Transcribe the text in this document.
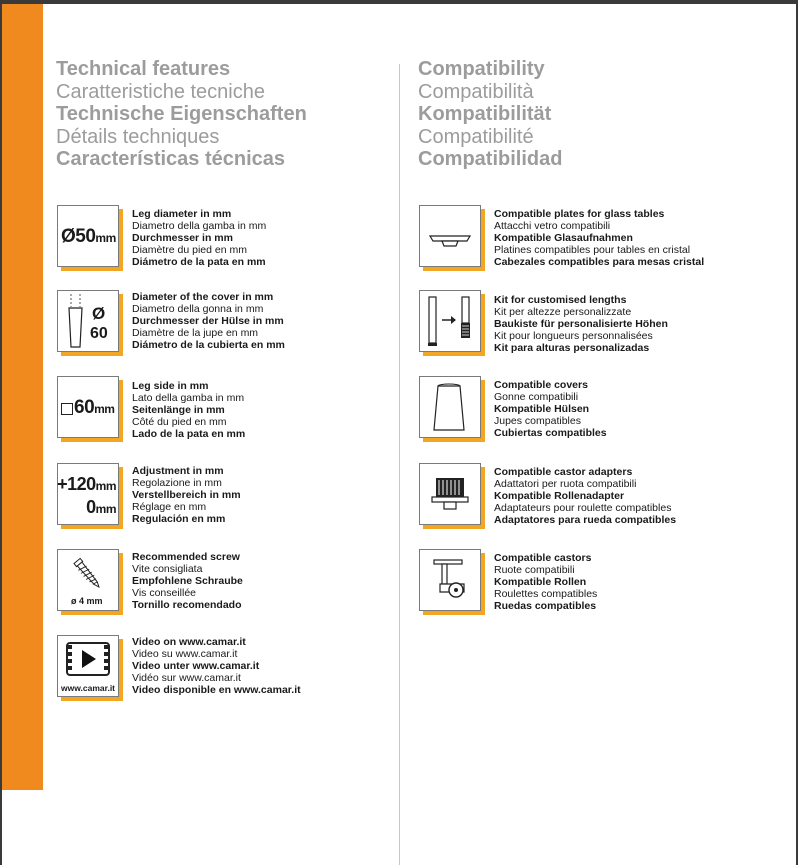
Technical features
Caratteristiche tecniche
Technische Eigenschaften
Détails techniques
Características técnicas
Compatibility
Compatibilità
Kompatibilität
Compatibilité
Compatibilidad
Ø50mm
Leg diameter in mm
Diametro della gamba in mm
Durchmesser in mm
Diamètre du pied en mm
Diámetro de la pata en mm
Ø
60
Diameter of the cover in mm
Diametro della gonna in mm
Durchmesser der Hülse in mm
Diamètre de la jupe en mm
Diámetro de la cubierta en mm
60mm
Leg side in mm
Lato della gamba in mm
Seitenlänge in mm
Côté du pied en mm
Lado de la pata en mm
+120mm
0mm
Adjustment in mm
Regolazione in mm
Verstellbereich in mm
Réglage en mm
Regulación en mm
ø 4 mm
Recommended screw
Vite consigliata
Empfohlene Schraube
Vis conseillée
Tornillo recomendado
www.camar.it
Video on www.camar.it
Video su www.camar.it
Video unter www.camar.it
Vidéo sur www.camar.it
Video disponible en www.camar.it
Compatible plates for glass tables
Attacchi vetro compatibili
Kompatible Glasaufnahmen
Platines compatibles pour tables en cristal
Cabezales compatibles para mesas cristal
Kit for customised lengths
Kit per altezze personalizzate
Baukiste für personalisierte Höhen
Kit pour longueurs personnalisées
Kit para alturas personalizadas
Compatible covers
Gonne compatibili
Kompatible Hülsen
Jupes compatibles
Cubiertas compatibles
Compatible castor adapters
Adattatori per ruota compatibili
Kompatible Rollenadapter
Adaptateurs pour roulette compatibles
Adaptatores para rueda compatibles
Compatible castors
Ruote compatibili
Kompatible Rollen
Roulettes compatibles
Ruedas compatibles
